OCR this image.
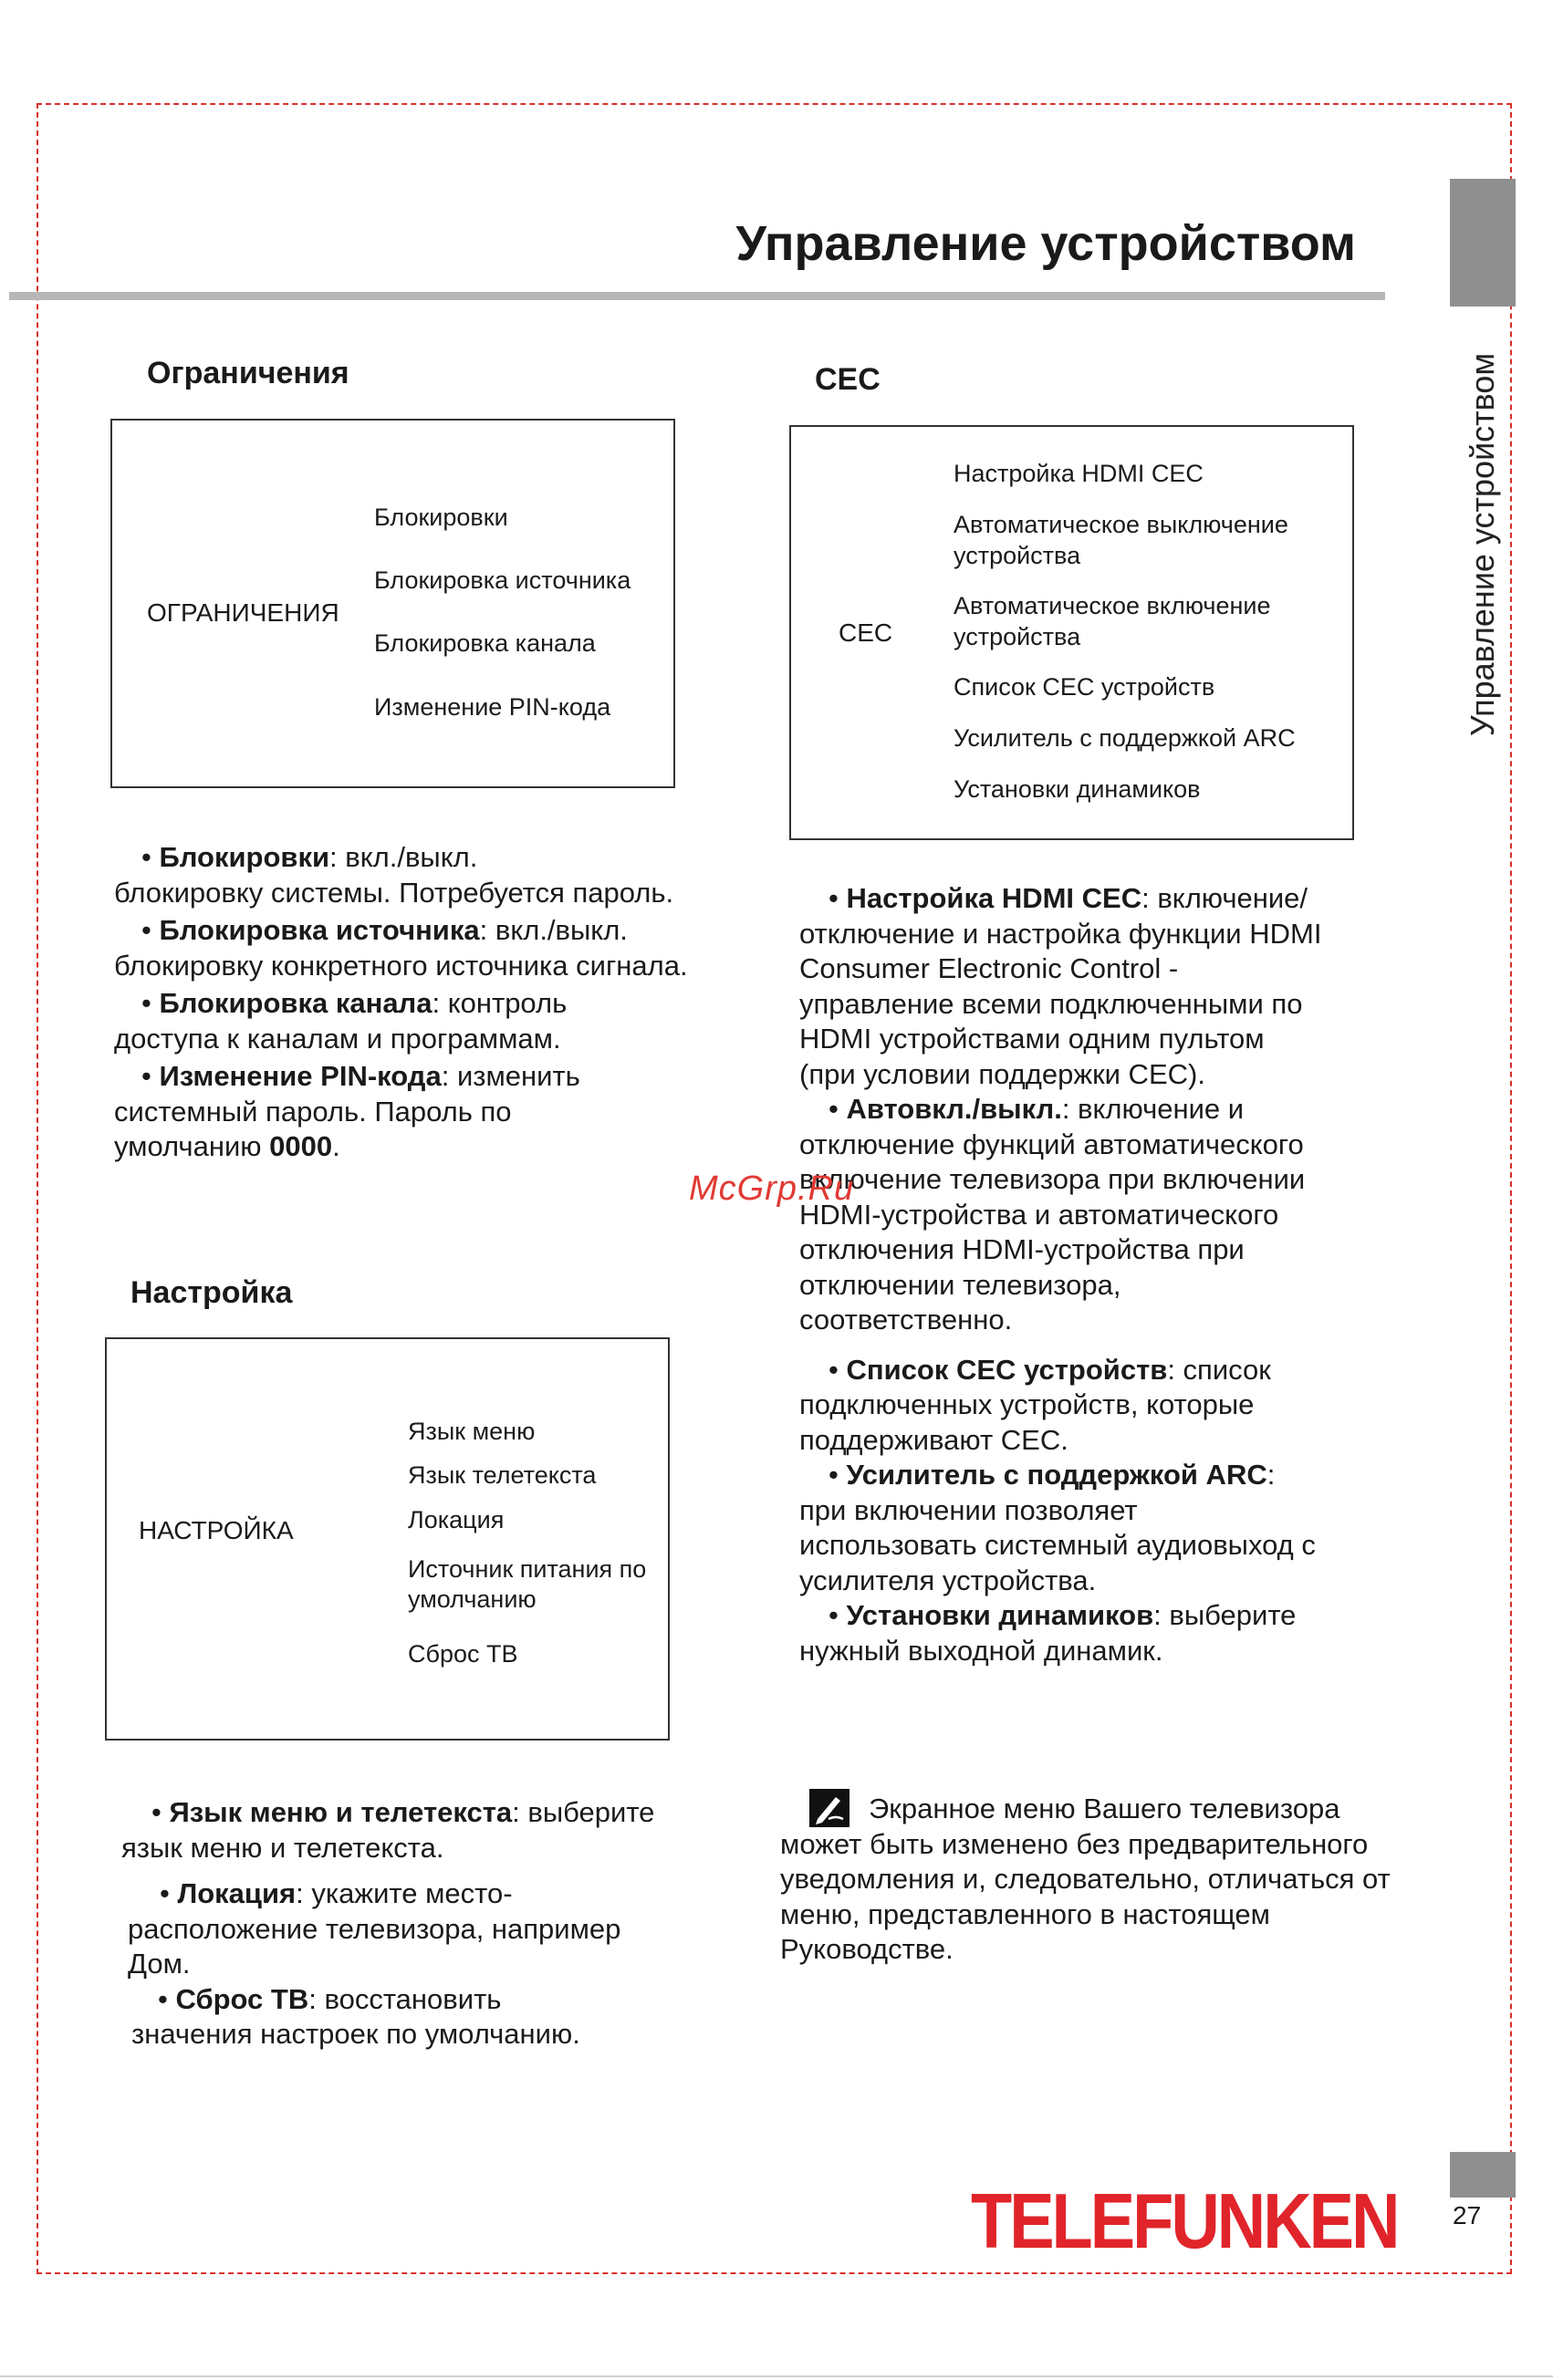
Управление устройством
Управление устройством
Ограничения
ОГРАНИЧЕНИЯ
Блокировки
Блокировка источника
Блокировка канала
Изменение PIN-кода

• Блокировки: вкл./выкл.

блокировку системы. Потребуется пароль.

• Блокировка источника: вкл./выкл.

блокировку конкретного источника сигнала.

• Блокировка канала: контроль

доступа к каналам и программам.

• Изменение PIN-кода: изменить

системный пароль. Пароль по

умолчанию 0000.

Настройка
НАСТРОЙКА
Язык меню
Язык телетекста
Локация
Источник питания по
умолчанию
Сброс ТВ

• Язык меню и телетекста: выберите

язык меню и телетекста.

• Локация: укажите место-

расположение телевизора, например

Дом.

• Сброс ТВ: восстановить

значения настроек по умолчанию.

CEC
CEC
Настройка HDMI CEC
Автоматическое выключение
устройства
Автоматическое включение
устройства
Список CEC устройств
Усилитель с поддержкой ARC
Установки динамиков

• Настройка HDMI CEC: включение/

отключение и настройка функции HDMI

Consumer Electronic Control -

управление всеми подключенными по

HDMI устройствами одним пультом

(при условии поддержки CEC).

• Автовкл./выкл.: включение и

отключение функций автоматического

включение телевизора при включении

HDMI-устройства и автоматического

отключения HDMI-устройства при

отключении телевизора,

соответственно.

• Список CEC устройств: список

подключенных устройств, которые

поддерживают CEC.

• Усилитель с поддержкой ARC:

при включении позволяет

использовать системный аудиовыход с

усилителя устройства.

• Установки динамиков: выберите

нужный выходной динамик.

Экранное меню Вашего телевизора

может быть изменено без предварительного

уведомления и, следовательно, отличаться от

меню, представленного в настоящем

Руководстве.

McGrp.Ru
TELEFUNKEN 27
